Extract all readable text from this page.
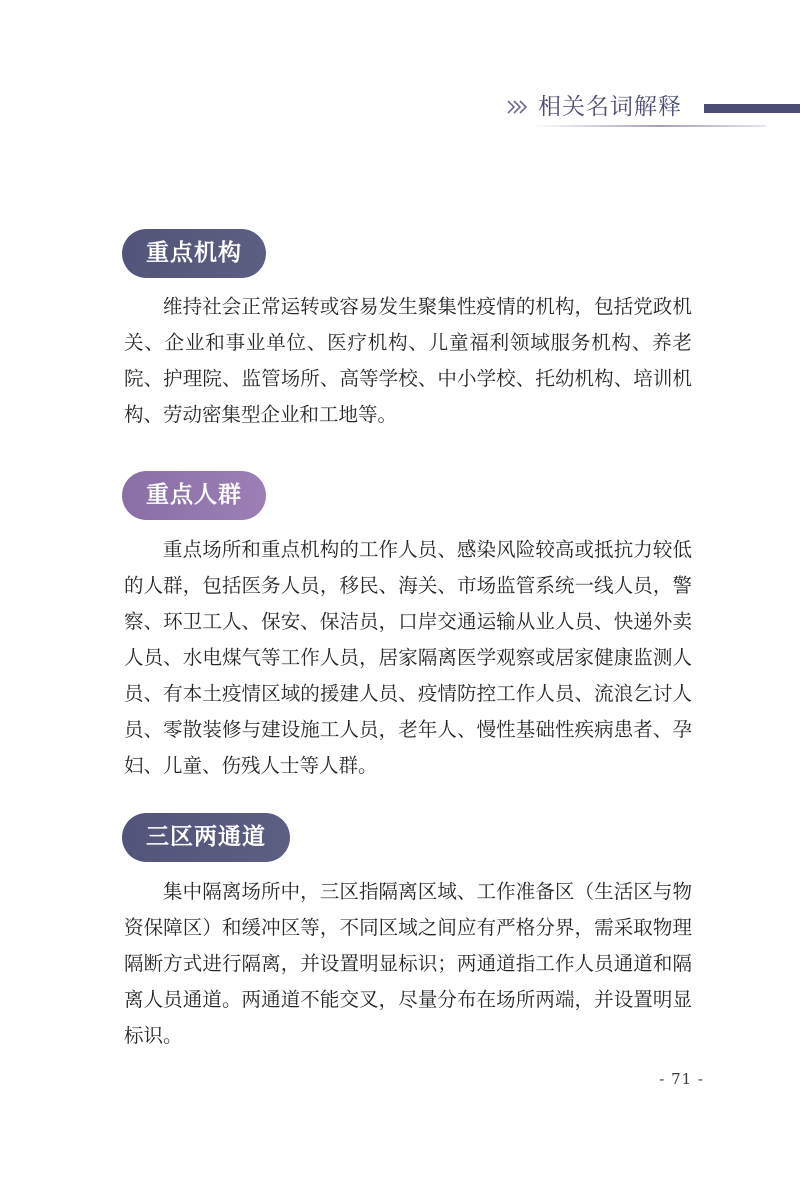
相关名词解释
重点机构

维持社会正常运转或容易发生聚集性疫情的机构，包括党政机关、企业和事业单位、医疗机构、儿童福利领域服务机构、养老院、护理院、监管场所、高等学校、中小学校、托幼机构、培训机构、劳动密集型企业和工地等。

重点人群

重点场所和重点机构的工作人员、感染风险较高或抵抗力较低的人群，包括医务人员，移民、海关、市场监管系统一线人员，警察、环卫工人、保安、保洁员，口岸交通运输从业人员、快递外卖人员、水电煤气等工作人员，居家隔离医学观察或居家健康监测人员、有本土疫情区域的援建人员、疫情防控工作人员、流浪乞讨人员、零散装修与建设施工人员，老年人、慢性基础性疾病患者、孕妇、儿童、伤残人士等人群。

三区两通道

集中隔离场所中，三区指隔离区域、工作准备区（生活区与物资保障区）和缓冲区等，不同区域之间应有严格分界，需采取物理隔断方式进行隔离，并设置明显标识；两通道指工作人员通道和隔离人员通道。两通道不能交叉，尽量分布在场所两端，并设置明显标识。

- 71 -
